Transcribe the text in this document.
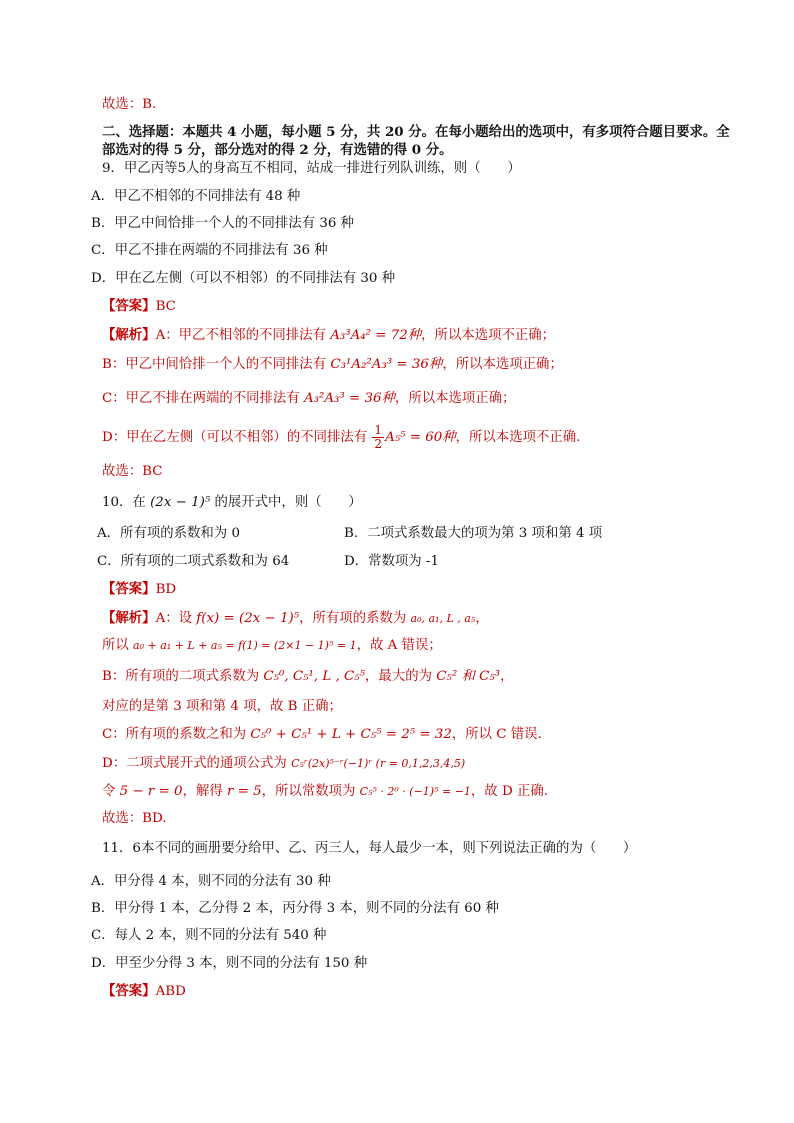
故选：B.
二、选择题：本题共 4 小题，每小题 5 分，共 20 分。在每小题给出的选项中，有多项符合题目要求。全
部选对的得 5 分，部分选对的得 2 分，有选错的得 0 分。
9．甲乙丙等5人的身高互不相同，站成一排进行列队训练，则（　　）
A．甲乙不相邻的不同排法有 48 种
B．甲乙中间恰排一个人的不同排法有 36 种
C．甲乙不排在两端的不同排法有 36 种
D．甲在乙左侧（可以不相邻）的不同排法有 30 种
【答案】BC
【解析】A：甲乙不相邻的不同排法有 A₃³A₄² = 72种，所以本选项不正确；
B：甲乙中间恰排一个人的不同排法有 C₃¹A₂²A₃³ = 36种，所以本选项正确；
C：甲乙不排在两端的不同排法有 A₃²A₃³ = 36种，所以本选项正确；
D：甲在乙左侧（可以不相邻）的不同排法有 $\frac{1}{2} A_5^5 = 60$种，所以本选项不正确.
故选：BC
10．在 (2x − 1)⁵ 的展开式中，则（　　）
A．所有项的系数和为 0	B．二项式系数最大的项为第 3 项和第 4 项
C．所有项的二项式系数和为 64	D．常数项为 -1
【答案】BD
【解析】A：设 f(x) = (2x − 1)⁵，所有项的系数为 a₀, a₁, L , a₅，
所以 a₀ + a₁ + L + a₅ = f(1) = (2×1 − 1)⁵ = 1，故 A 错误；
B：所有项的二项式系数为 C₅⁰, C₅¹, L , C₅⁵，最大的为 C₅² 和 C₅³，
对应的是第 3 项和第 4 项，故 B 正确；
C：所有项的系数之和为 C₅⁰ + C₅¹ + L + C₅⁵ = 2⁵ = 32，所以 C 错误.
D：二项式展开式的通项公式为 C₅ʳ(2x)⁵⁻ʳ(−1)ʳ (r = 0,1,2,3,4,5)
令 5 − r = 0，解得 r = 5，所以常数项为 C₅⁵ · 2⁰ · (−1)⁵ = −1，故 D 正确.
故选：BD.
11．6本不同的画册要分给甲、乙、丙三人，每人最少一本，则下列说法正确的为（　　）
A．甲分得 4 本，则不同的分法有 30 种
B．甲分得 1 本，乙分得 2 本，丙分得 3 本，则不同的分法有 60 种
C．每人 2 本，则不同的分法有 540 种
D．甲至少分得 3 本，则不同的分法有 150 种
【答案】ABD
